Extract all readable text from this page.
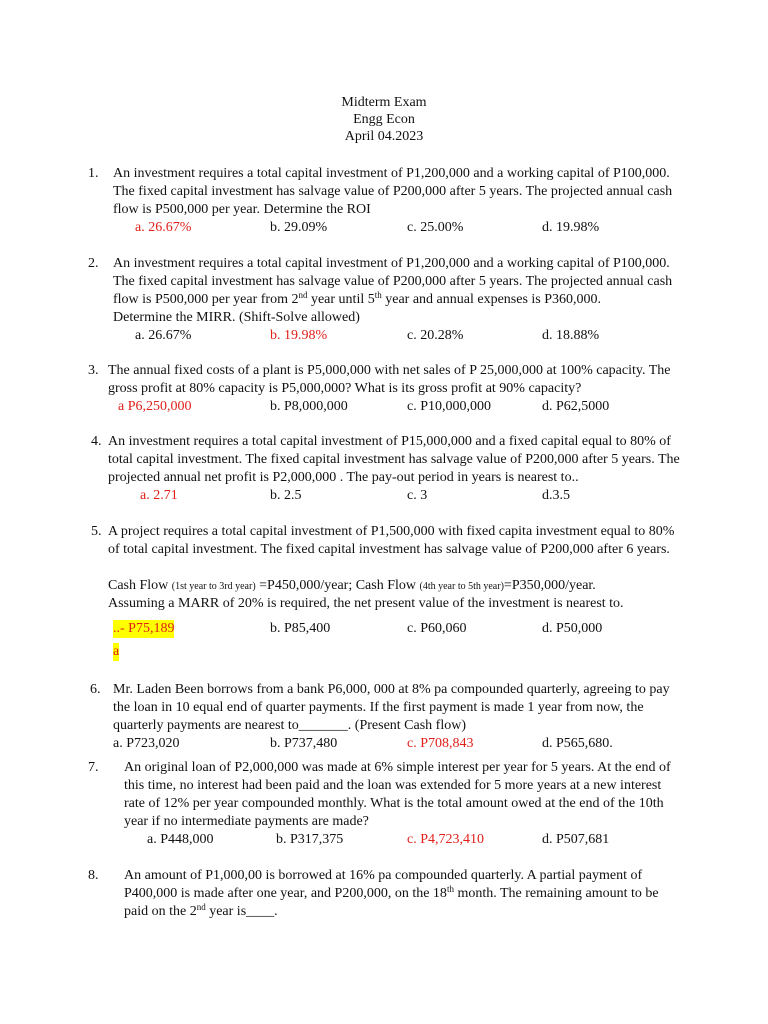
Midterm Exam
Engg Econ
April 04.2023
1. An investment requires a total capital investment of P1,200,000 and a working capital of P100,000.
The fixed capital investment has salvage value of P200,000 after 5 years. The projected annual cash
flow is P500,000 per year. Determine the ROI
a. 26.67%	b. 29.09%	c. 25.00%	d. 19.98%
2. An investment requires a total capital investment of P1,200,000 and a working capital of P100,000.
The fixed capital investment has salvage value of P200,000 after 5 years. The projected annual cash
flow is P500,000 per year from 2nd year until 5th year and annual expenses is P360,000.
Determine the MIRR. (Shift-Solve allowed)
a. 26.67%	b. 19.98%	c. 20.28%	d. 18.88%
3. The annual fixed costs of a plant is P5,000,000 with net sales of P 25,000,000 at 100% capacity. The
gross profit at 80% capacity is P5,000,000? What is its gross profit at 90% capacity?
a P6,250,000	b. P8,000,000	c. P10,000,000	d. P62,5000
4. An investment requires a total capital investment of P15,000,000 and a fixed capital equal to 80% of
total capital investment. The fixed capital investment has salvage value of P200,000 after 5 years. The
projected annual net profit is P2,000,000 . The pay-out period in years is nearest to..
a. 2.71	b. 2.5	c. 3	d.3.5
5. A project requires a total capital investment of P1,500,000 with fixed capita investment equal to 80%
of total capital investment. The fixed capital investment has salvage value of P200,000 after 6 years.
Cash Flow (1st year to 3rd year) =P450,000/year; Cash Flow (4th year to 5th year)=P350,000/year.
Assuming a MARR of 20% is required, the net present value of the investment is nearest to.
..- P75,189	b. P85,400	c. P60,060	d. P50,000
a
6. Mr. Laden Been borrows from a bank P6,000, 000 at 8% pa compounded quarterly, agreeing to pay
the loan in 10 equal end of quarter payments. If the first payment is made 1 year from now, the
quarterly payments are nearest to_______. (Present Cash flow)
a. P723,020	b. P737,480	c. P708,843	d. P565,680.
7. An original loan of P2,000,000 was made at 6% simple interest per year for 5 years. At the end of
this time, no interest had been paid and the loan was extended for 5 more years at a new interest
rate of 12% per year compounded monthly. What is the total amount owed at the end of the 10th
year if no intermediate payments are made?
a. P448,000	b. P317,375	c. P4,723,410	d. P507,681
8. An amount of P1,000,00 is borrowed at 16% pa compounded quarterly. A partial payment of
P400,000 is made after one year, and P200,000, on the 18th month. The remaining amount to be
paid on the 2nd year is____.
